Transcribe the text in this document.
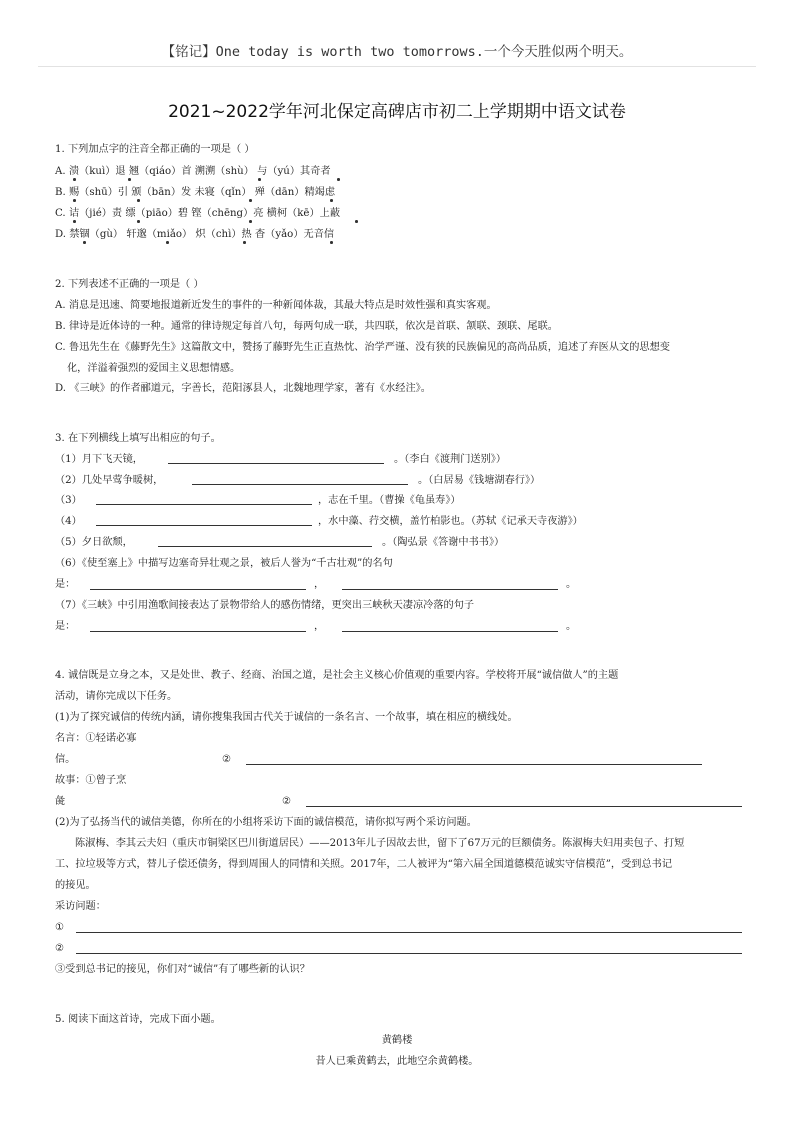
【铭记】One today is worth two tomorrows.一个今天胜似两个明天。
2021~2022学年河北保定高碑店市初二上学期期中语文试卷
1. 下列加点字的注音全都正确的一项是（ ）
A. 溃（kuì）退 翘（qiáo）首 溯溯（shù） 与（yú）其奇者
B. 赐（shū）引 颁（bān）发 未寝（qǐn） 殚（dān）精竭虑
C. 诘（jié）责 缥（piāo）碧 铿（chēng）亮 横柯（kē）上蔽
D. 禁锢（gù） 轩邈（miǎo） 炽（chì）热 杳（yǎo）无音信
2. 下列表述不正确的一项是（ ）
A. 消息是迅速、简要地报道新近发生的事件的一种新闻体裁，其最大特点是时效性强和真实客观。
B. 律诗是近体诗的一种。通常的律诗规定每首八句，每两句成一联，共四联，依次是首联、颔联、颈联、尾联。
C. 鲁迅先生在《藤野先生》这篇散文中，赞扬了藤野先生正直热忱、治学严谨、没有狭的民族偏见的高尚品质，追述了弃医从文的思想变
化，洋溢着强烈的爱国主义思想情感。
D. 《三峡》的作者郦道元，字善长，范阳涿县人，北魏地理学家，著有《水经注》。
3. 在下列横线上填写出相应的句子。
（1）月下飞天镜，	。（李白《渡荆门送别》）
（2）几处早莺争暖树，	。（白居易《钱塘湖春行》）
（3）	，志在千里。（曹操《龟虽寿》）
（4）	，水中藻、荇交横，盖竹柏影也。（苏轼《记承天寺夜游》）
（5）夕日欲颓，	。（陶弘景《答谢中书书》）
（6）《使至塞上》中描写边塞奇异壮观之景，被后人誉为“千古壮观”的名句
是：	，	。
（7）《三峡》中引用渔歌间接表达了景物带给人的感伤情绪，更突出三峡秋天凄凉冷落的句子
是：	，	。
4. 诚信既是立身之本，又是处世、教子、经商、治国之道，是社会主义核心价值观的重要内容。学校将开展“诚信做人”的主题
活动，请你完成以下任务。
(1)为了探究诚信的传统内涵，请你搜集我国古代关于诚信的一条名言、一个故事，填在相应的横线处。
名言：①轻诺必寡
信。	②
故事：①曾子烹
彘	②
(2)为了弘扬当代的诚信美德，你所在的小组将采访下面的诚信模范，请你拟写两个采访问题。
陈淑梅、李其云夫妇（重庆市铜梁区巴川街道居民）——2013年儿子因故去世，留下了67万元的巨额债务。陈淑梅夫妇用卖包子、打短
工、拉垃圾等方式，替儿子偿还债务，得到周围人的同情和关照。2017年，二人被评为“第六届全国道德模范诚实守信模范”，受到总书记
的接见。
采访问题：
①
②
③受到总书记的接见，你们对“诚信”有了哪些新的认识？
5. 阅读下面这首诗，完成下面小题。
黄鹤楼
昔人已乘黄鹤去，此地空余黄鹤楼。
